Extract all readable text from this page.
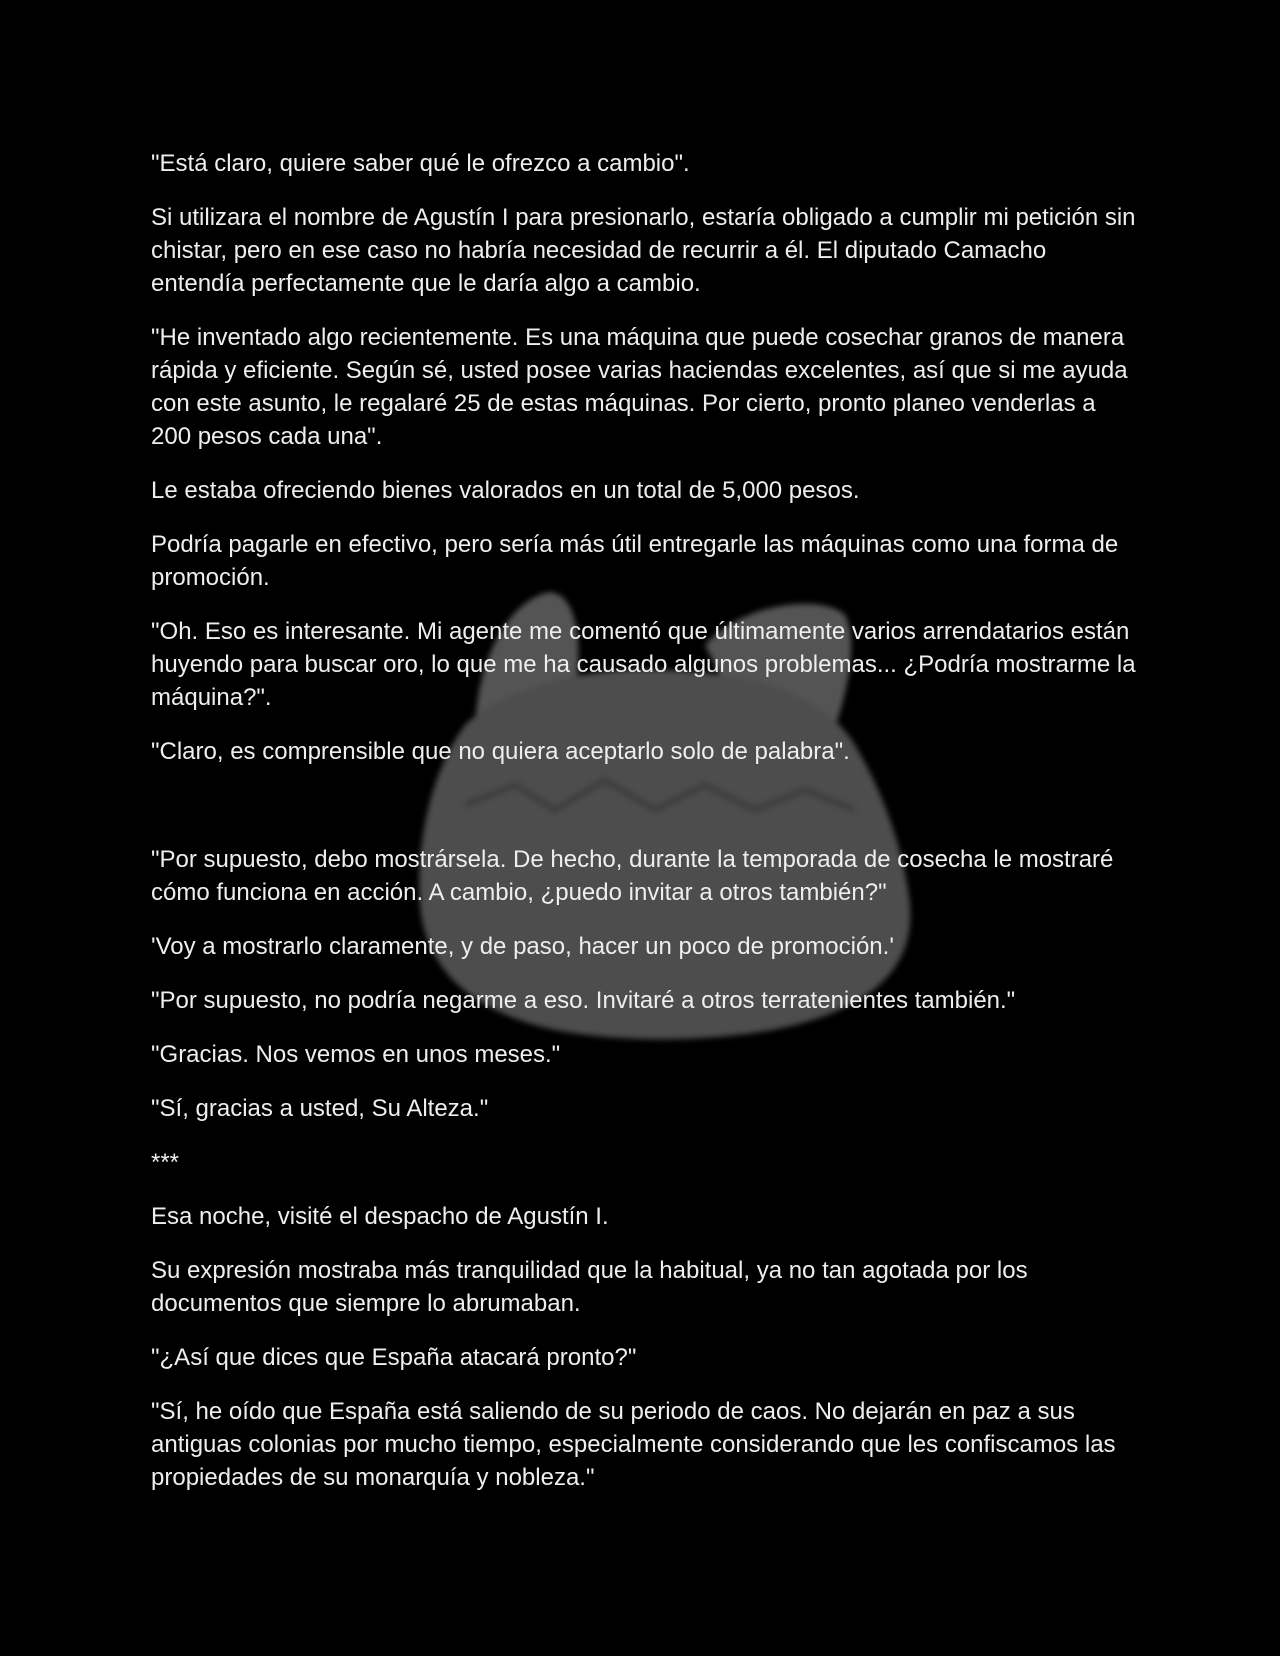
"Está claro, quiere saber qué le ofrezco a cambio".

Si utilizara el nombre de Agustín I para presionarlo, estaría obligado a cumplir mi petición sin chistar, pero en ese caso no habría necesidad de recurrir a él. El diputado Camacho entendía perfectamente que le daría algo a cambio.

"He inventado algo recientemente. Es una máquina que puede cosechar granos de manera rápida y eficiente. Según sé, usted posee varias haciendas excelentes, así que si me ayuda con este asunto, le regalaré 25 de estas máquinas. Por cierto, pronto planeo venderlas a 200 pesos cada una".

Le estaba ofreciendo bienes valorados en un total de 5,000 pesos.

Podría pagarle en efectivo, pero sería más útil entregarle las máquinas como una forma de promoción.

"Oh. Eso es interesante. Mi agente me comentó que últimamente varios arrendatarios están huyendo para buscar oro, lo que me ha causado algunos problemas... ¿Podría mostrarme la máquina?".

"Claro, es comprensible que no quiera aceptarlo solo de palabra".

"Por supuesto, debo mostrársela. De hecho, durante la temporada de cosecha le mostraré cómo funciona en acción. A cambio, ¿puedo invitar a otros también?"

'Voy a mostrarlo claramente, y de paso, hacer un poco de promoción.'

"Por supuesto, no podría negarme a eso. Invitaré a otros terratenientes también."

"Gracias. Nos vemos en unos meses."

"Sí, gracias a usted, Su Alteza."

***

Esa noche, visité el despacho de Agustín I.

Su expresión mostraba más tranquilidad que la habitual, ya no tan agotada por los documentos que siempre lo abrumaban.

"¿Así que dices que España atacará pronto?"

"Sí, he oído que España está saliendo de su periodo de caos. No dejarán en paz a sus antiguas colonias por mucho tiempo, especialmente considerando que les confiscamos las propiedades de su monarquía y nobleza."
